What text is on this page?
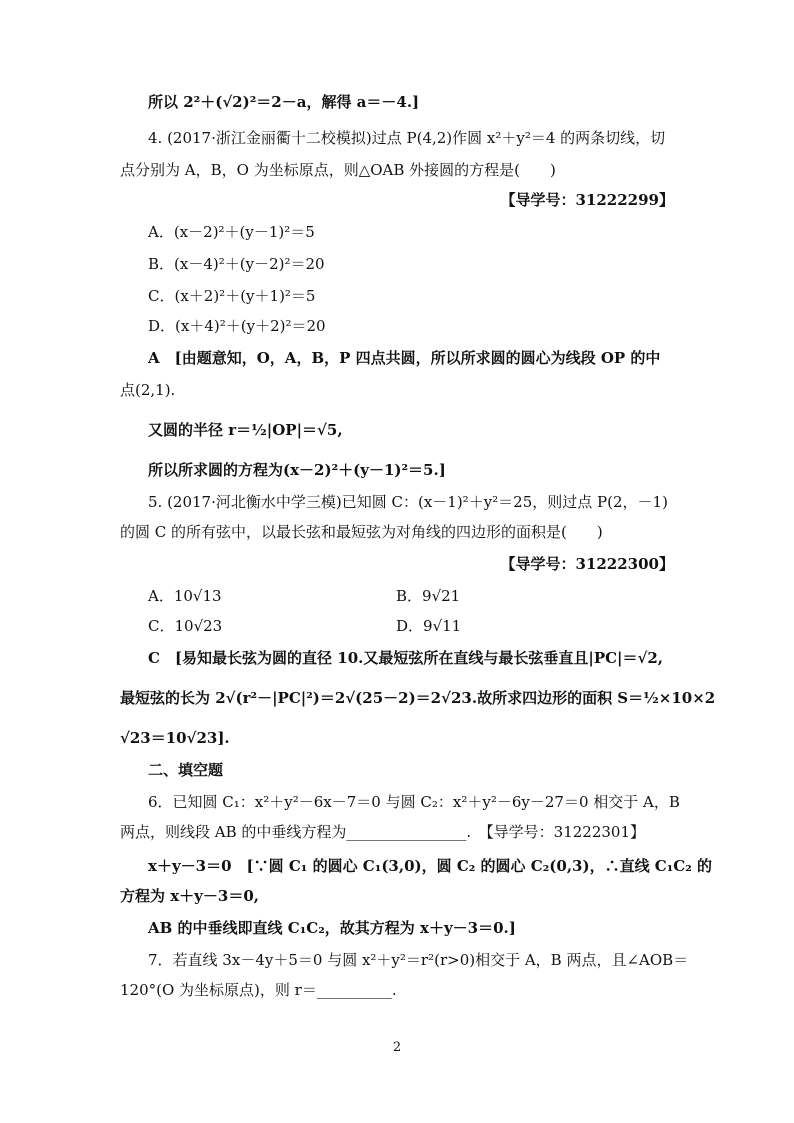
所以 2²＋(√2)²＝2－a，解得 a＝－4.]
4. (2017·浙江金丽衢十二校模拟)过点 P(4,2)作圆 x²＋y²＝4 的两条切线，切
点分别为 A，B，O 为坐标原点，则△OAB 外接圆的方程是(　　)
【导学号：31222299】
A．(x－2)²＋(y－1)²＝5
B．(x－4)²＋(y－2)²＝20
C．(x＋2)²＋(y＋1)²＝5
D．(x＋4)²＋(y＋2)²＝20
A　[由题意知，O，A，B，P 四点共圆，所以所求圆的圆心为线段 OP 的中
点(2,1).
又圆的半径 r＝½|OP|＝√5,
所以所求圆的方程为(x－2)²＋(y－1)²＝5.]
5. (2017·河北衡水中学三模)已知圆 C：(x－1)²＋y²＝25，则过点 P(2，－1)
的圆 C 的所有弦中，以最长弦和最短弦为对角线的四边形的面积是(　　)
【导学号：31222300】
A．10√13	B．9√21
C．10√23	D．9√11
C　[易知最长弦为圆的直径 10.又最短弦所在直线与最长弦垂直且|PC|＝√2,
最短弦的长为 2√(r²－|PC|²)＝2√(25－2)＝2√23.故所求四边形的面积 S＝½×10×2
√23＝10√23].
二、填空题
6．已知圆 C₁：x²＋y²－6x－7＝0 与圆 C₂：x²＋y²－6y－27＝0 相交于 A，B
两点，则线段 AB 的中垂线方程为________________.　【导学号：31222301】
x＋y－3＝0　[∵圆 C₁ 的圆心 C₁(3,0)，圆 C₂ 的圆心 C₂(0,3)，∴直线 C₁C₂ 的
方程为 x＋y－3＝0,
AB 的中垂线即直线 C₁C₂，故其方程为 x＋y－3＝0.]
7．若直线 3x－4y＋5＝0 与圆 x²＋y²＝r²(r>0)相交于 A，B 两点，且∠AOB＝
120°(O 为坐标原点)，则 r＝__________.
2
